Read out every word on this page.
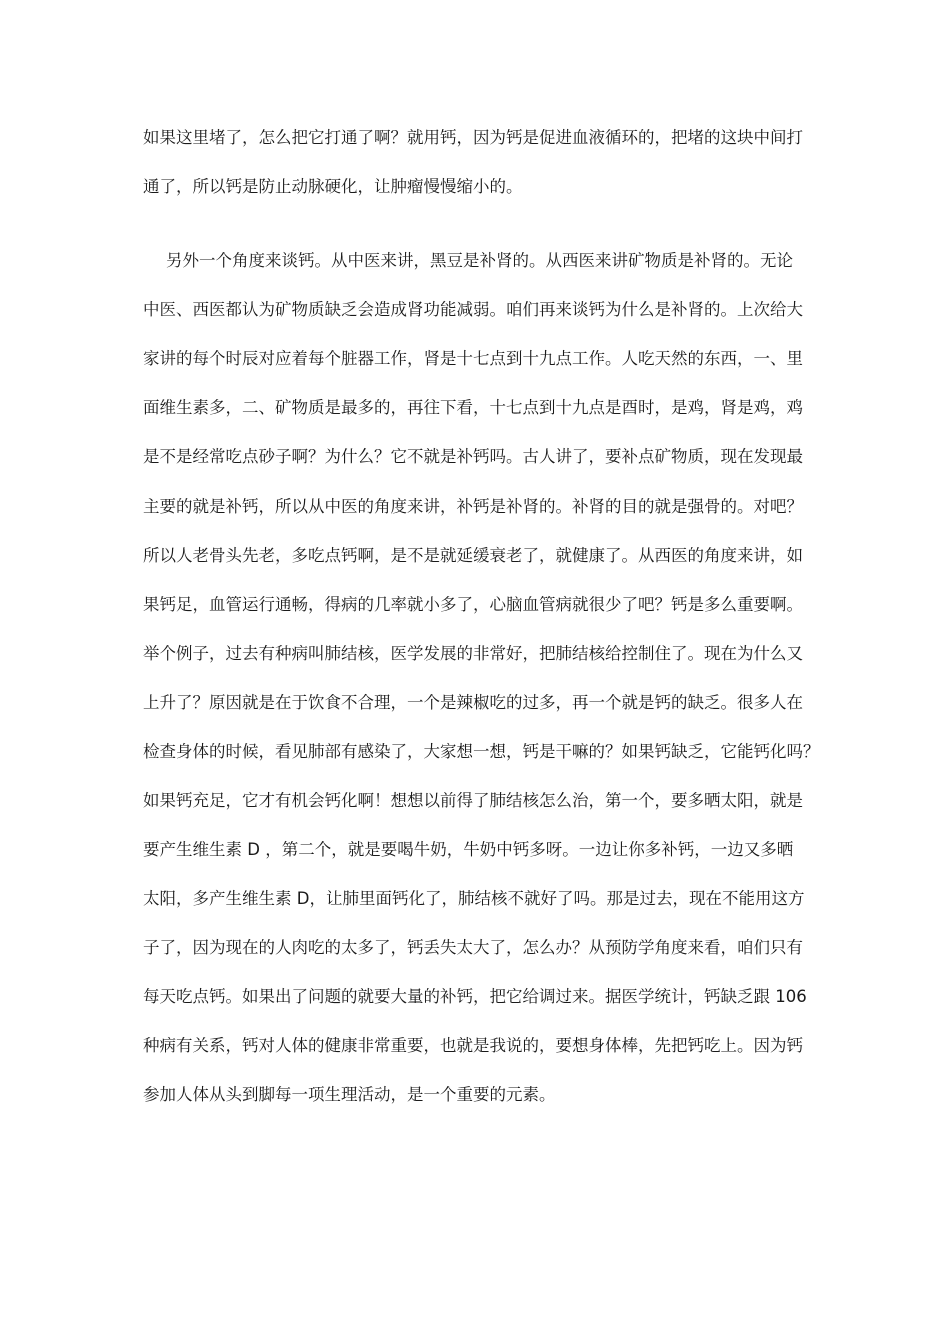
如果这里堵了，怎么把它打通了啊？就用钙，因为钙是促进血液循环的，把堵的这块中间打
通了，所以钙是防止动脉硬化，让肿瘤慢慢缩小的。
另外一个角度来谈钙。从中医来讲，黑豆是补肾的。从西医来讲矿物质是补肾的。无论
中医、西医都认为矿物质缺乏会造成肾功能减弱。咱们再来谈钙为什么是补肾的。上次给大
家讲的每个时辰对应着每个脏器工作，肾是十七点到十九点工作。人吃天然的东西，一、里
面维生素多，二、矿物质是最多的，再往下看，十七点到十九点是酉时，是鸡，肾是鸡，鸡
是不是经常吃点砂子啊？为什么？它不就是补钙吗。古人讲了，要补点矿物质，现在发现最
主要的就是补钙，所以从中医的角度来讲，补钙是补肾的。补肾的目的就是强骨的。对吧？
所以人老骨头先老，多吃点钙啊，是不是就延缓衰老了，就健康了。从西医的角度来讲，如
果钙足，血管运行通畅，得病的几率就小多了，心脑血管病就很少了吧？钙是多么重要啊。
举个例子，过去有种病叫肺结核，医学发展的非常好，把肺结核给控制住了。现在为什么又
上升了？原因就是在于饮食不合理，一个是辣椒吃的过多，再一个就是钙的缺乏。很多人在
检查身体的时候，看见肺部有感染了，大家想一想，钙是干嘛的？如果钙缺乏，它能钙化吗？
如果钙充足，它才有机会钙化啊！想想以前得了肺结核怎么治，第一个，要多晒太阳，就是
要产生维生素 D ，第二个，就是要喝牛奶，牛奶中钙多呀。一边让你多补钙，一边又多晒
太阳，多产生维生素 D，让肺里面钙化了，肺结核不就好了吗。那是过去，现在不能用这方
子了，因为现在的人肉吃的太多了，钙丢失太大了，怎么办？从预防学角度来看，咱们只有
每天吃点钙。如果出了问题的就要大量的补钙，把它给调过来。据医学统计，钙缺乏跟 106
种病有关系，钙对人体的健康非常重要，也就是我说的，要想身体棒，先把钙吃上。因为钙
参加人体从头到脚每一项生理活动，是一个重要的元素。
